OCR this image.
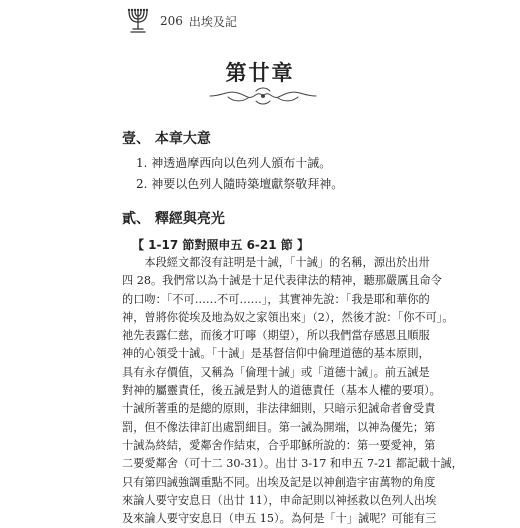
206 出埃及記
第廿章
壹、 本章大意
1. 神透過摩西向以色列人頒布十誡。
2. 神要以色列人隨時築壇獻祭敬拜神。
貳、 釋經與亮光
【 1-17 節對照申五 6-21 節 】
本段經文都沒有註明是十誡，「十誡」的名稱，源出於出卅
四 28。我們常以為十誡是十足代表律法的精神，聽那嚴厲且命令
的口吻：「不可……不可……」，其實神先說：「我是耶和華你的
神，曾將你從埃及地為奴之家領出來」（2），然後才說：「你不可」。
祂先表露仁慈，而後才叮嚀（期望），所以我們當存感恩且順服
神的心領受十誡。「十誡」是基督信仰中倫理道德的基本原則，
具有永存價值，又稱為「倫理十誡」或「道德十誡」。前五誡是
對神的屬靈責任，後五誡是對人的道德責任（基本人權的要項）。
十誡所著重的是總的原則，非法律細則，只暗示犯誡命者會受責
罰，但不像法律訂出處罰細目。第一誡為開端，以神為優先；第
十誡為終結，愛鄰舍作結束，合乎耶穌所說的：第一要愛神，第
二要愛鄰舍（可十二 30-31）。出廿 3-17 和申五 7-21 都記載十誡，
只有第四誡強調重點不同。出埃及記是以神創造宇宙萬物的角度
來論人要守安息日（出廿 11），申命記則以神拯救以色列人出埃
及來論人要守安息日（申五 15）。為何是「十」誡呢？可能有三
